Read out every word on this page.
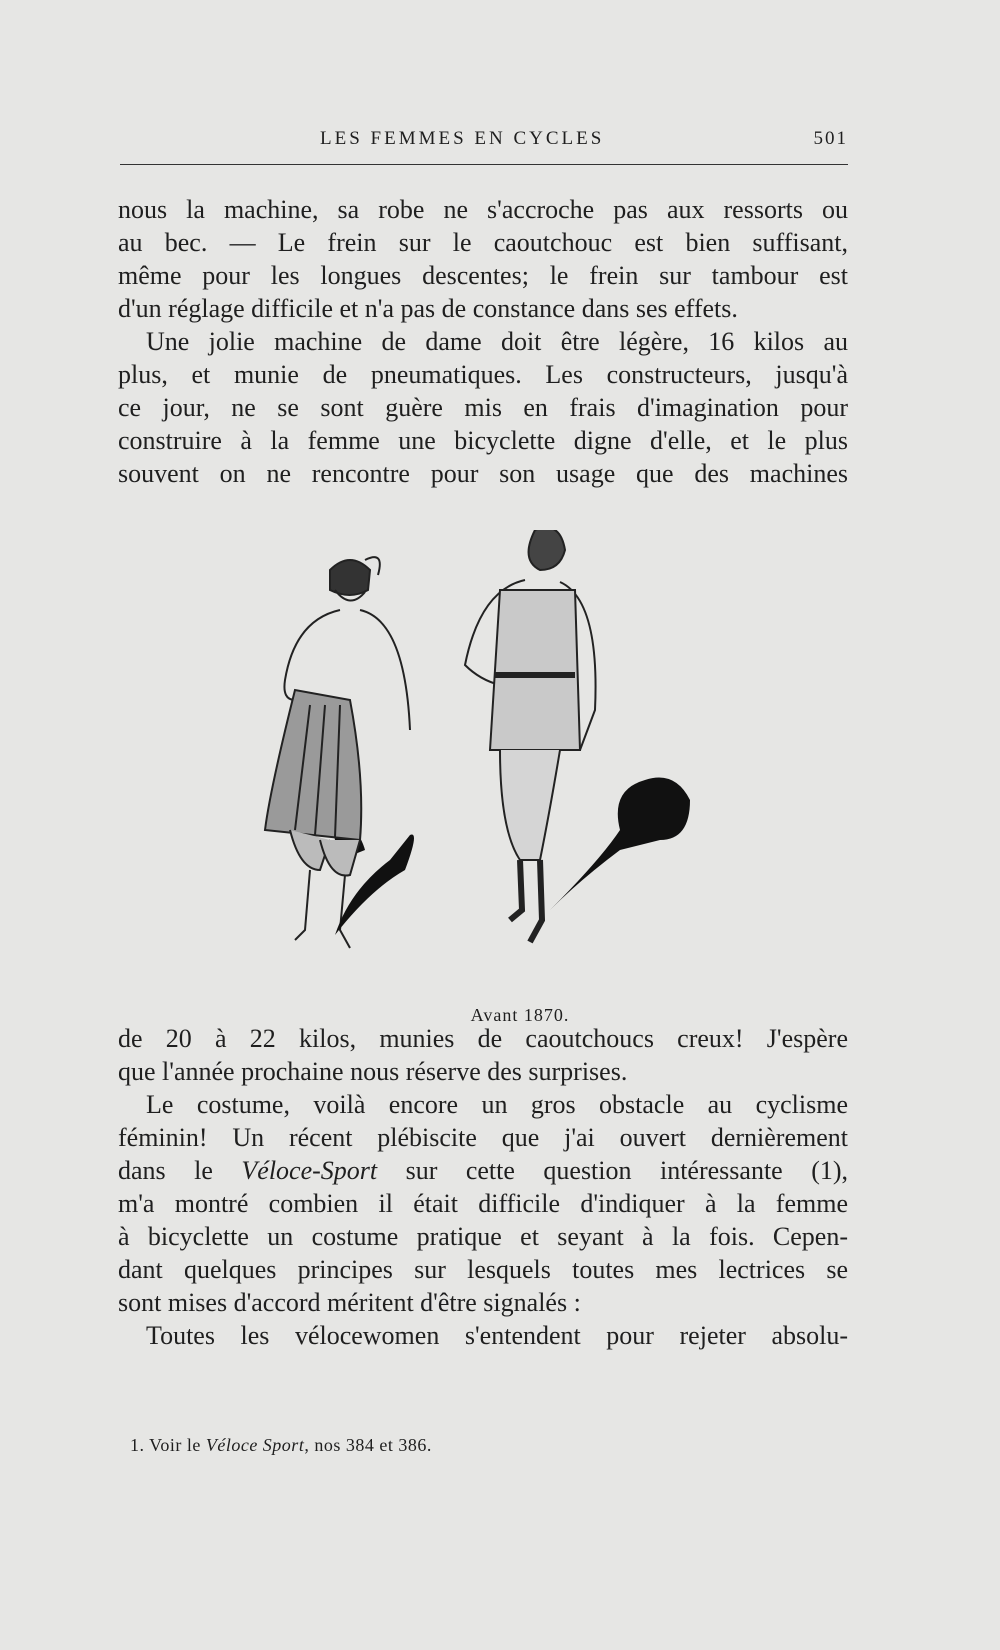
LES FEMMES EN CYCLES	501
nous la machine, sa robe ne s'accroche pas aux ressorts ou
au bec. — Le frein sur le caoutchouc est bien suffisant,
même pour les longues descentes; le frein sur tambour est
d'un réglage difficile et n'a pas de constance dans ses effets.
Une jolie machine de dame doit être légère, 16 kilos au
plus, et munie de pneumatiques. Les constructeurs, jusqu'à
ce jour, ne se sont guère mis en frais d'imagination pour
construire à la femme une bicyclette digne d'elle, et le plus
souvent on ne rencontre pour son usage que des machines
Avant 1870.
de 20 à 22 kilos, munies de caoutchoucs creux! J'espère
que l'année prochaine nous réserve des surprises.
Le costume, voilà encore un gros obstacle au cyclisme
féminin! Un récent plébiscite que j'ai ouvert dernièrement
dans le Véloce-Sport sur cette question intéressante (1),
m'a montré combien il était difficile d'indiquer à la femme
à bicyclette un costume pratique et seyant à la fois. Cepen-
dant quelques principes sur lesquels toutes mes lectrices se
sont mises d'accord méritent d'être signalés :
Toutes les vélocewomen s'entendent pour rejeter absolu-
1. Voir le Véloce Sport, nos 384 et 386.
